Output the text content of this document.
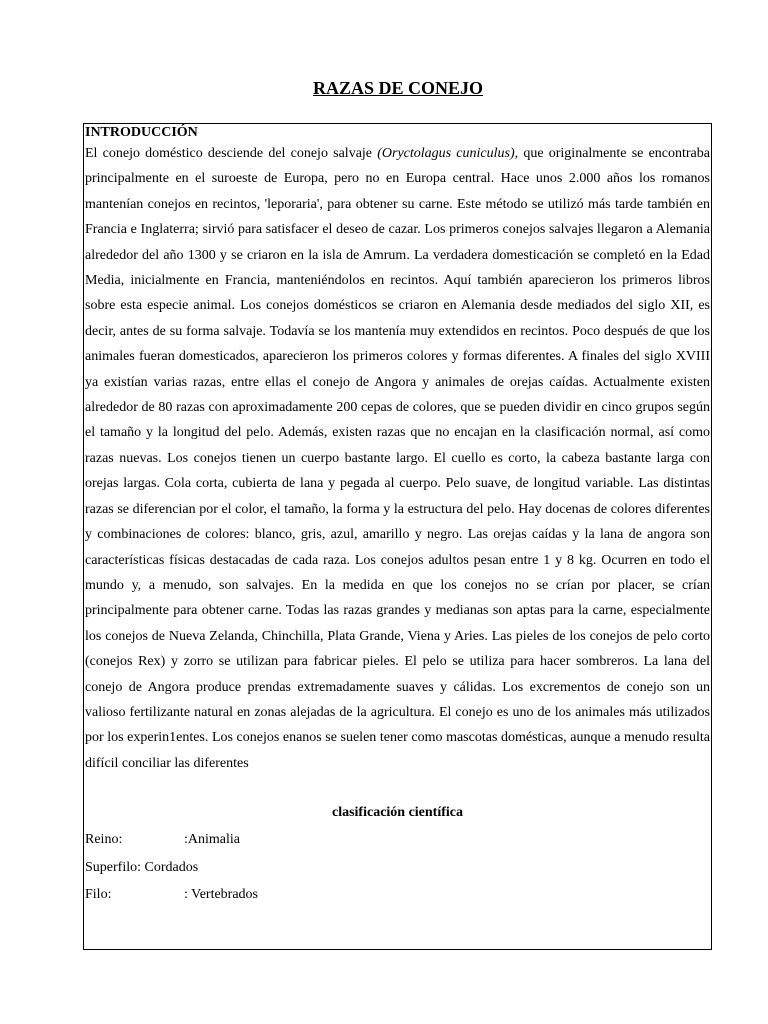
RAZAS DE CONEJO
INTRODUCCIÓN

El conejo doméstico desciende del conejo salvaje (Oryctolagus cuniculus), que originalmente se encontraba principalmente en el suroeste de Europa, pero no en Europa central. Hace unos 2.000 años los romanos mantenían conejos en recintos, 'leporaria', para obtener su carne. Este método se utilizó más tarde también en Francia e Inglaterra; sirvió para satisfacer el deseo de cazar. Los primeros conejos salvajes llegaron a Alemania alrededor del año 1300 y se criaron en la isla de Amrum. La verdadera domesticación se completó en la Edad Media, inicialmente en Francia, manteniéndolos en recintos. Aquí también aparecieron los primeros libros sobre esta especie animal. Los conejos domésticos se criaron en Alemania desde mediados del siglo XII, es decir, antes de su forma salvaje. Todavía se los mantenía muy extendidos en recintos. Poco después de que los animales fueran domesticados, aparecieron los primeros colores y formas diferentes. A finales del siglo XVIII ya existían varias razas, entre ellas el conejo de Angora y animales de orejas caídas. Actualmente existen alrededor de 80 razas con aproximadamente 200 cepas de colores, que se pueden dividir en cinco grupos según el tamaño y la longitud del pelo. Además, existen razas que no encajan en la clasificación normal, así como razas nuevas. Los conejos tienen un cuerpo bastante largo. El cuello es corto, la cabeza bastante larga con orejas largas. Cola corta, cubierta de lana y pegada al cuerpo. Pelo suave, de longitud variable. Las distintas razas se diferencian por el color, el tamaño, la forma y la estructura del pelo. Hay docenas de colores diferentes y combinaciones de colores: blanco, gris, azul, amarillo y negro. Las orejas caídas y la lana de angora son características físicas destacadas de cada raza. Los conejos adultos pesan entre 1 y 8 kg. Ocurren en todo el mundo y, a menudo, son salvajes. En la medida en que los conejos no se crían por placer, se crían principalmente para obtener carne. Todas las razas grandes y medianas son aptas para la carne, especialmente los conejos de Nueva Zelanda, Chinchilla, Plata Grande, Viena y Aries. Las pieles de los conejos de pelo corto (conejos Rex) y zorro se utilizan para fabricar pieles. El pelo se utiliza para hacer sombreros. La lana del conejo de Angora produce prendas extremadamente suaves y cálidas. Los excrementos de conejo son un valioso fertilizante natural en zonas alejadas de la agricultura. El conejo es uno de los animales más utilizados por los experin1entes. Los conejos enanos se suelen tener como mascotas domésticas, aunque a menudo resulta difícil conciliar las diferentes

clasificación científica
Reino:	:Animalia
Superfilo: Cordados
Filo:	: Vertebrados
